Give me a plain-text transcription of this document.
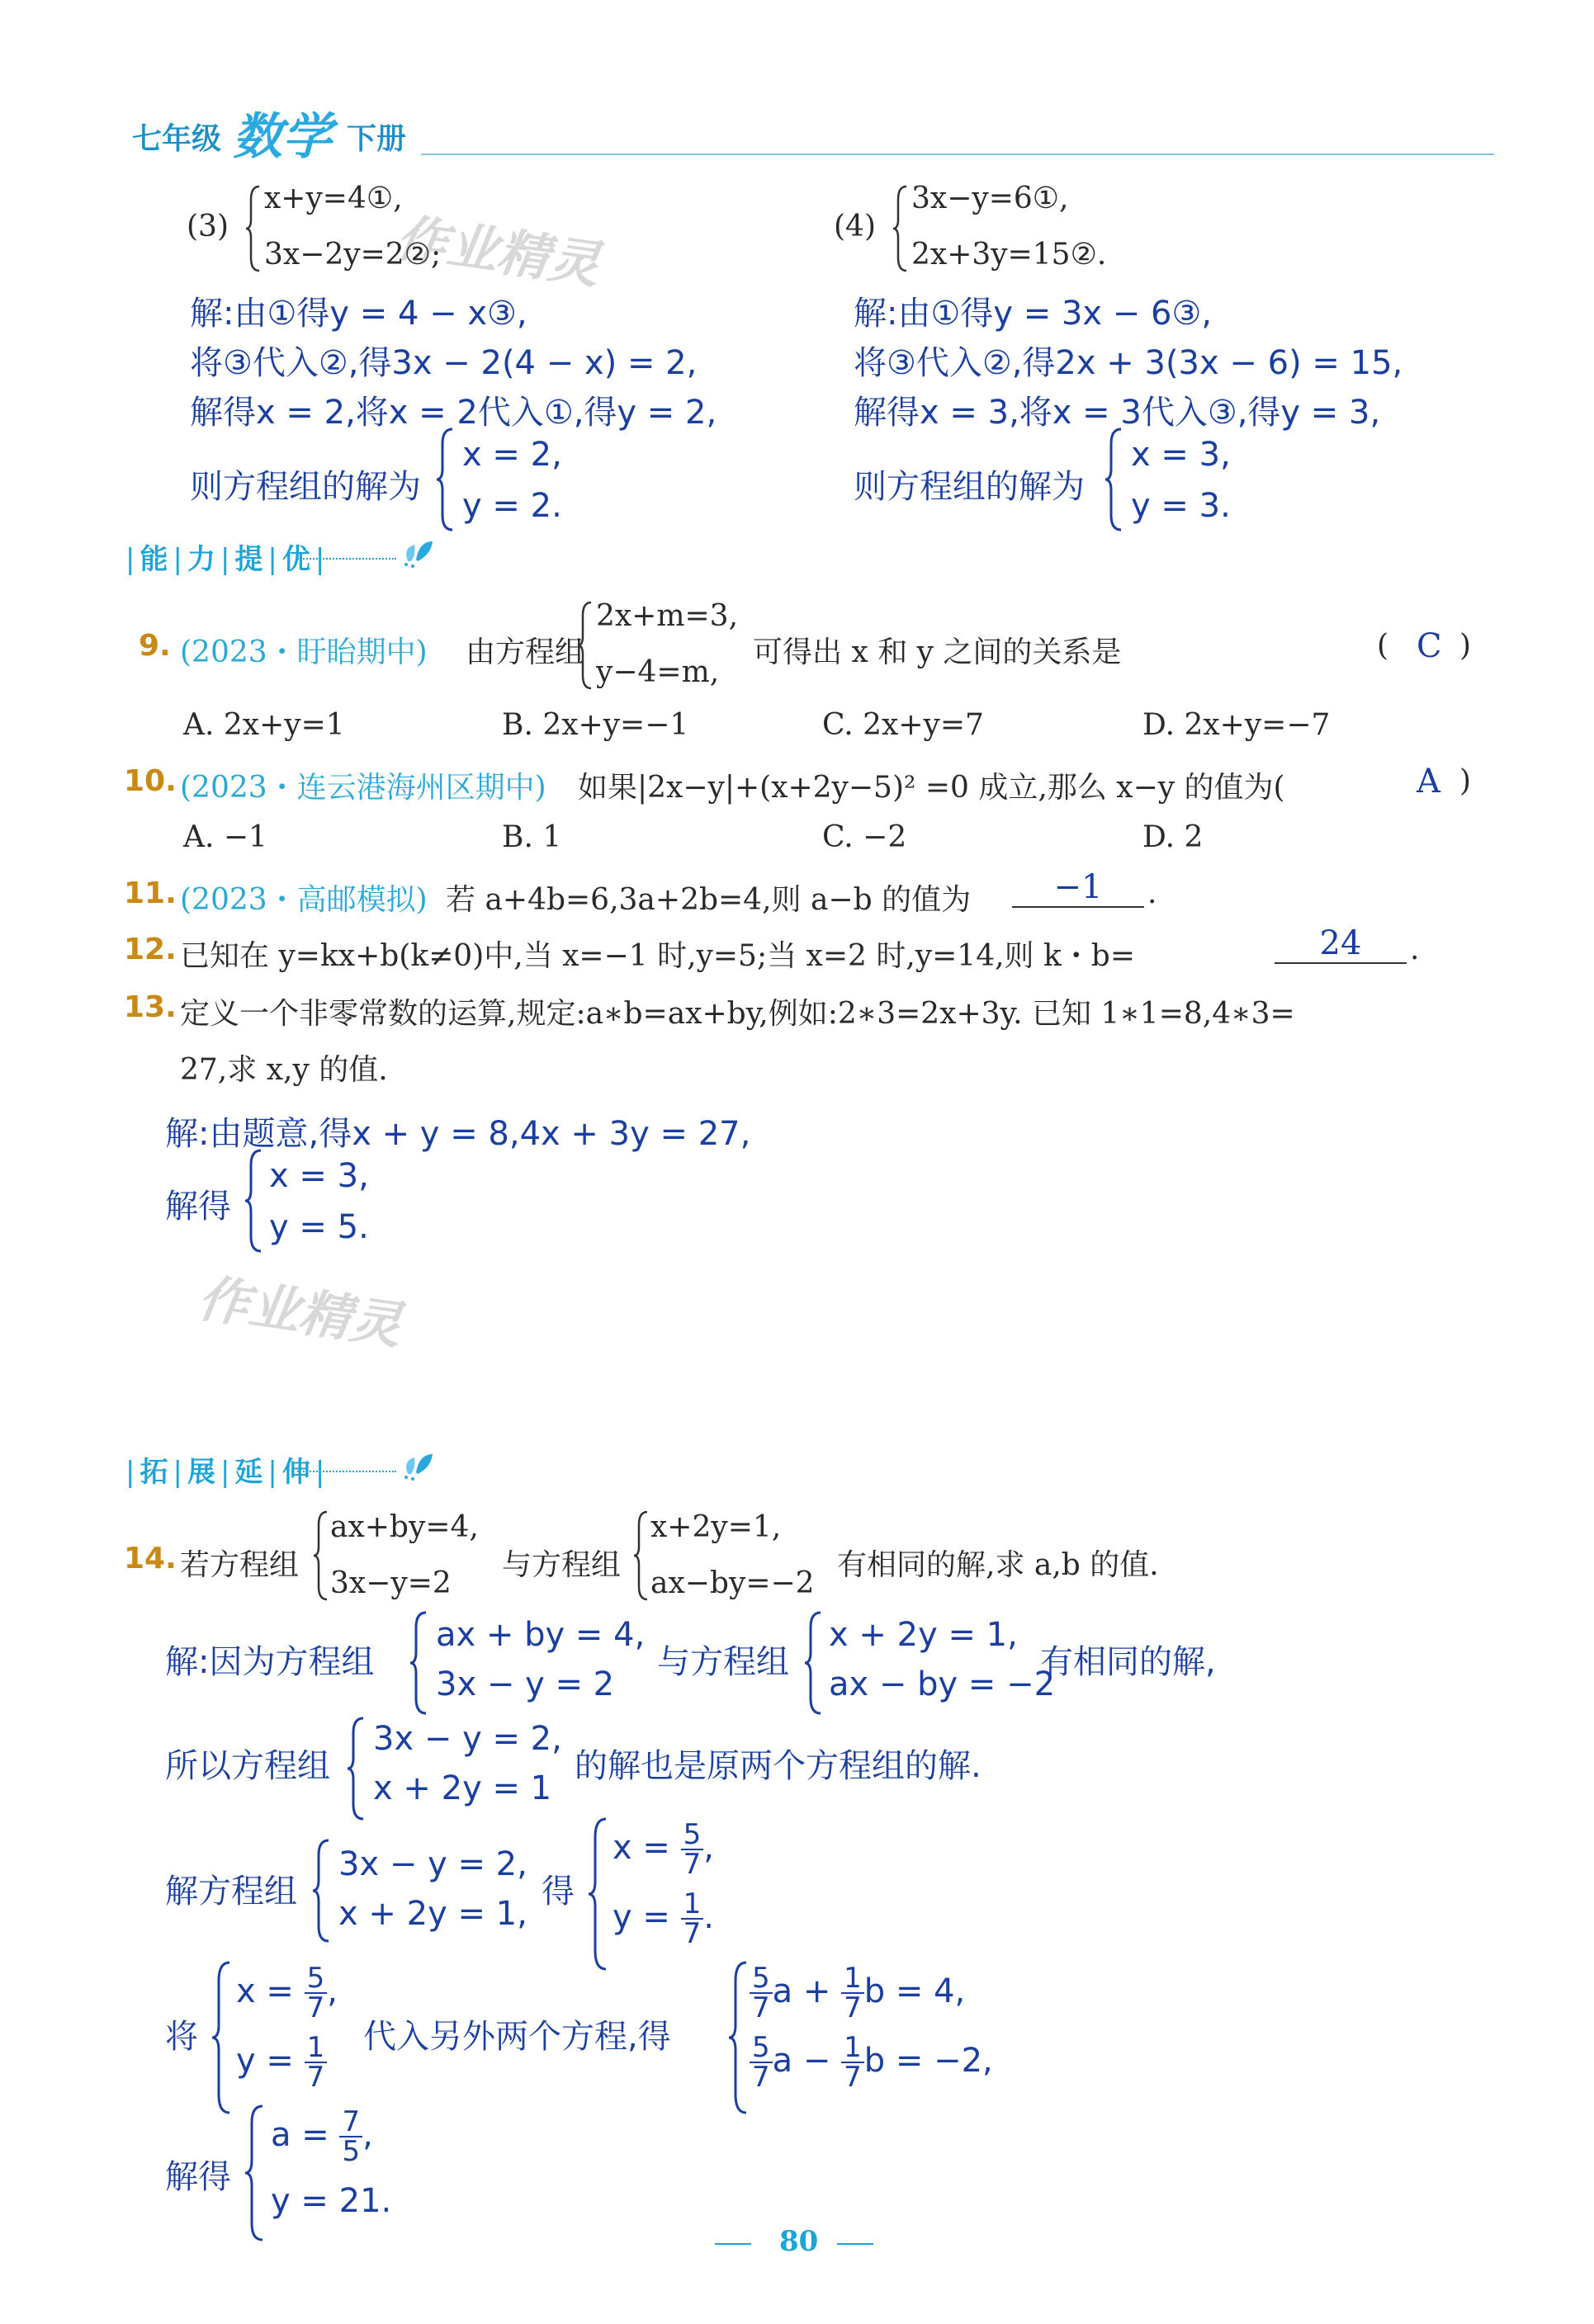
七年级 数学 下册
作业精灵
作业精灵
(3)
x+y=4①,
3x−2y=2②;
解:由①得y = 4 − x③,
将③代入②,得3x − 2(4 − x) = 2,
解得x = 2,将x = 2代入①,得y = 2,
则方程组的解为
x = 2,
y = 2.
(4)
3x−y=6①,
2x+3y=15②.
解:由①得y = 3x − 6③,
将③代入②,得2x + 3(3x − 6) = 15,
解得x = 3,将x = 3代入③,得y = 3,
则方程组的解为
x = 3,
y = 3.
| 能 | 力 | 提 | 优 |
9. (2023・盱眙期中) 由方程组
2x+m=3,
y−4=m,
可得出 x 和 y 之间的关系是	( C )
A. 2x+y=1	B. 2x+y=−1	C. 2x+y=7	D. 2x+y=−7
10. (2023・连云港海州区期中) 如果|2x−y|+(x+2y−5)² =0 成立,那么 x−y 的值为(	A )
A. −1	B. 1	C. −2	D. 2
11. (2023・高邮模拟) 若 a+4b=6,3a+2b=4,则 a−b 的值为	−1	.
12. 已知在 y=kx+b(k≠0)中,当 x=−1 时,y=5;当 x=2 时,y=14,则 k・b=	24	.
13. 定义一个非零常数的运算,规定:a∗b=ax+by,例如:2∗3=2x+3y. 已知 1∗1=8,4∗3=
27,求 x,y 的值.
解:由题意,得x + y = 8,4x + 3y = 27,
解得
x = 3,
y = 5.
| 拓 | 展 | 延 | 伸 |
14. 若方程组
ax+by=4,
3x−y=2
与方程组
x+2y=1,
ax−by=−2
有相同的解,求 a,b 的值.
解:因为方程组
ax + by = 4,
3x − y = 2
与方程组
x + 2y = 1,
ax − by = −2
有相同的解,
所以方程组
3x − y = 2,
x + 2y = 1
的解也是原两个方程组的解.
解方程组
3x − y = 2,
x + 2y = 1,
得
$x = \frac{5}{7}$ ,
$y = \frac{1}{7}$ .
将
$x = \frac{5}{7}$ ,
$y = \frac{1}{7}$ 代入另外两个方程,得
$\frac{5}{7}$ $a + \frac{1}{7}$ b = 4,
$\frac{5}{7}$ $a - \frac{1}{7}$ b = −2,
解得
$a = \frac{7}{5}$ ,
y = 21.
80
